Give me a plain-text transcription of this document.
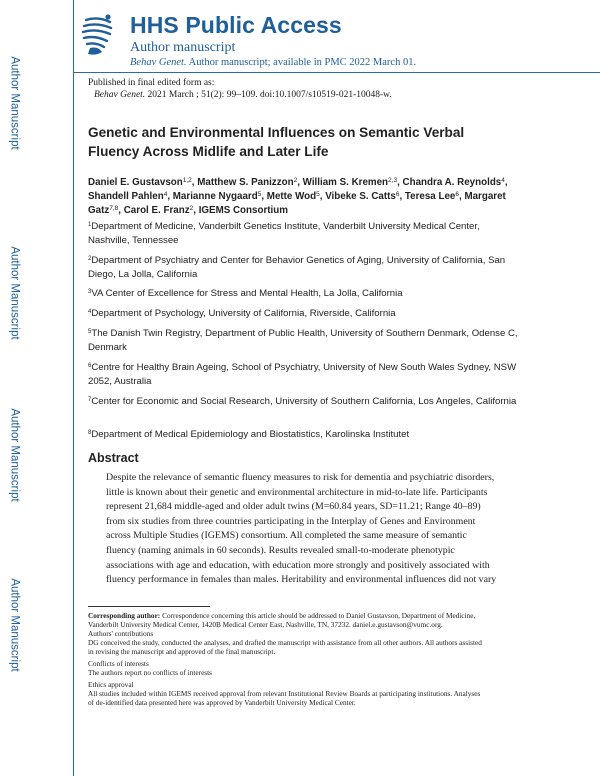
Author Manuscript
Author Manuscript
Author Manuscript
Author Manuscript
HHS Public Access
Author manuscript
Behav Genet. Author manuscript; available in PMC 2022 March 01.
Published in final edited form as:
Behav Genet. 2021 March ; 51(2): 99–109. doi:10.1007/s10519-021-10048-w.
Genetic and Environmental Influences on Semantic Verbal
Fluency Across Midlife and Later Life
Daniel E. Gustavson$^{1,2}$, Matthew S. Panizzon$^2$, William S. Kremen$^{2,3}$, Chandra A. Reynolds$^4$, Shandell Pahlen$^4$, Marianne Nygaard$^5$, Mette Wod$^5$, Vibeke S. Catts$^6$, Teresa Lee$^6$, Margaret Gatz$^{7,8}$, Carol E. Franz$^2$, IGEMS Consortium
$^1$Department of Medicine, Vanderbilt Genetics Institute, Vanderbilt University Medical Center, Nashville, Tennessee
$^2$Department of Psychiatry and Center for Behavior Genetics of Aging, University of California, San Diego, La Jolla, California
$^3$VA Center of Excellence for Stress and Mental Health, La Jolla, California
$^4$Department of Psychology, University of California, Riverside, California
$^5$The Danish Twin Registry, Department of Public Health, University of Southern Denmark, Odense C, Denmark
$^6$Centre for Healthy Brain Ageing, School of Psychiatry, University of New South Wales Sydney, NSW 2052, Australia
$^7$Center for Economic and Social Research, University of Southern California, Los Angeles, California
$^8$Department of Medical Epidemiology and Biostatistics, Karolinska Institutet
Abstract
Despite the relevance of semantic fluency measures to risk for dementia and psychiatric disorders,
little is known about their genetic and environmental architecture in mid-to-late life. Participants
represent 21,684 middle-aged and older adult twins (M=60.84 years, SD=11.21; Range 40–89)
from six studies from three countries participating in the Interplay of Genes and Environment
across Multiple Studies (IGEMS) consortium. All completed the same measure of semantic
fluency (naming animals in 60 seconds). Results revealed small-to-moderate phenotypic
associations with age and education, with education more strongly and positively associated with
fluency performance in females than males. Heritability and environmental influences did not vary
Corresponding author: Correspondence concerning this article should be addressed to Daniel Gustavson, Department of Medicine,
Vanderbilt University Medical Center, 1420B Medical Center East, Nashville, TN, 37232. daniel.e.gustavson@vumc.org.
Authors' contributions
DG conceived the study, conducted the analyses, and drafted the manuscript with assistance from all other authors. All authors assisted
in revising the manuscript and approved of the final manuscript.
Conflicts of interests
The authors report no conflicts of interests
Ethics approval
All studies included within IGEMS received approval from relevant Institutional Review Boards at participating institutions. Analyses
of de-identified data presented here was approved by Vanderbilt University Medical Center.
